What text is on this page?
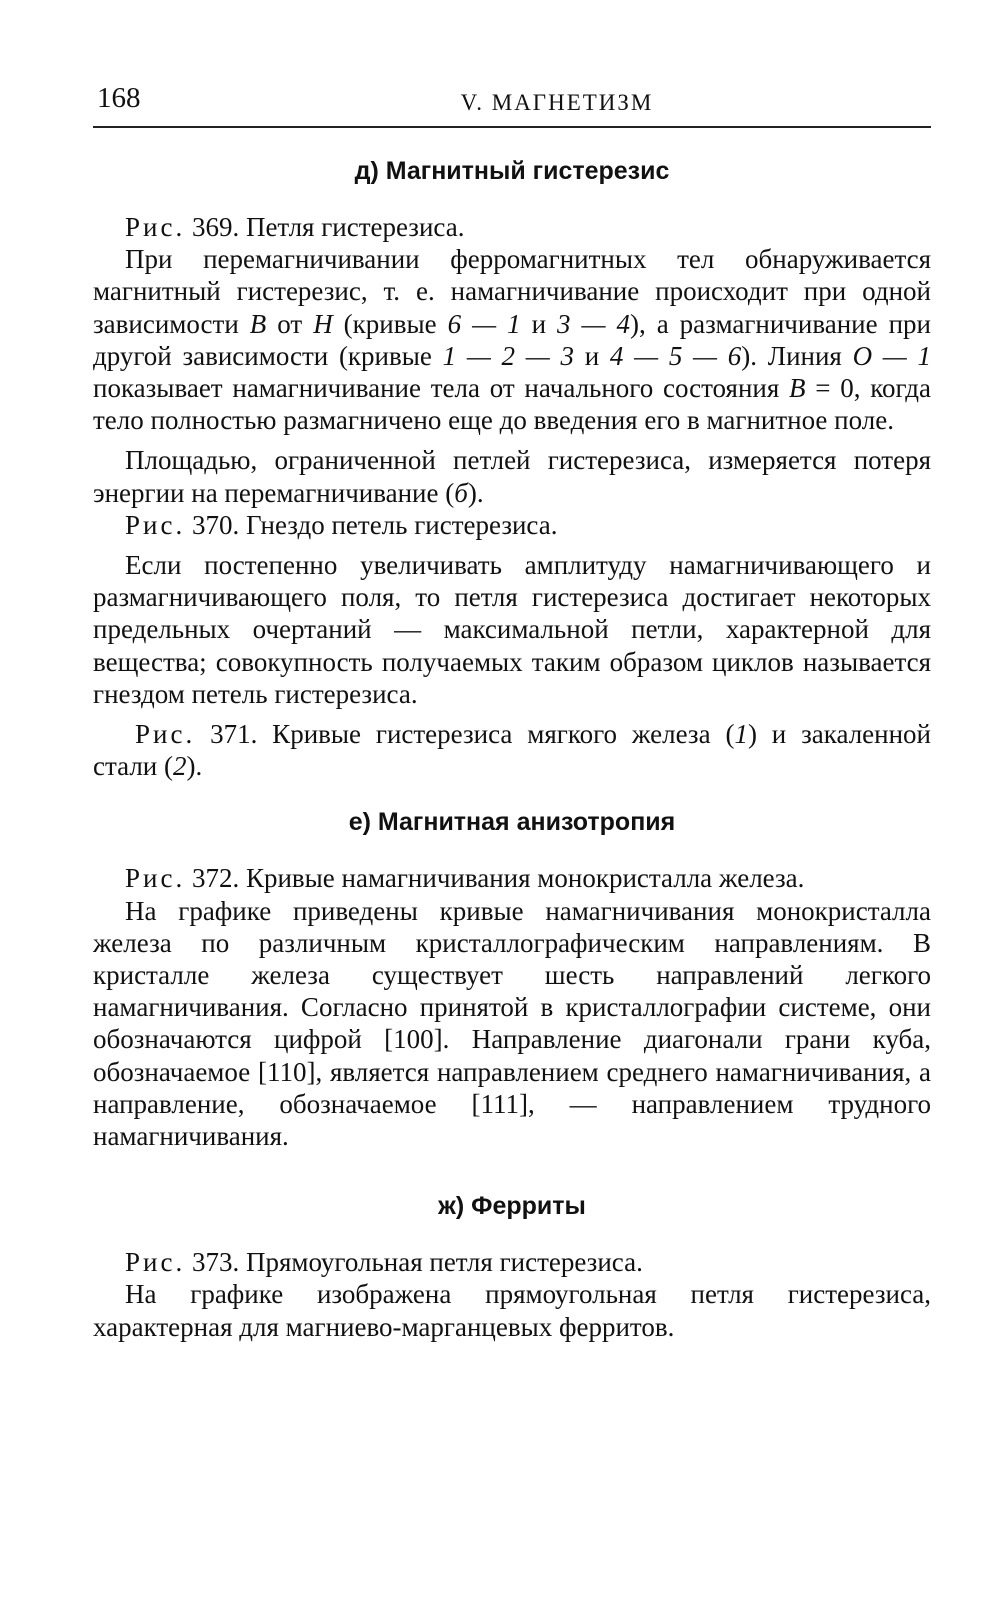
168	V. МАГНЕТИЗМ
д) Магнитный гистерезис

Рис. 369. Петля гистерезиса.

При перемагничивании ферромагнитных тел обнаруживается магнитный гистерезис, т. е. намагничивание происходит при одной зависимости B от H (кривые 6 — 1 и 3 — 4), а размагничивание при другой зависимости (кривые 1 — 2 — 3 и 4 — 5 — 6). Линия O — 1 показывает намагничивание тела от начального состояния B = 0, когда тело полностью размагничено еще до введения его в магнитное поле.

Площадью, ограниченной петлей гистерезиса, измеряется потеря энергии на перемагничивание (б).

Рис. 370. Гнездо петель гистерезиса.

Если постепенно увеличивать амплитуду намагничивающего и размагничивающего поля, то петля гистерезиса достигает некоторых предельных очертаний — максимальной петли, характерной для вещества; совокупность получаемых таким образом циклов называется гнездом петель гистерезиса.

Рис. 371. Кривые гистерезиса мягкого железа (1) и закаленной стали (2).

е) Магнитная анизотропия

Рис. 372. Кривые намагничивания монокристалла железа.

На графике приведены кривые намагничивания монокристалла железа по различным кристаллографическим направлениям. В кристалле железа существует шесть направлений легкого намагничивания. Согласно принятой в кристаллографии системе, они обозначаются цифрой [100]. Направление диагонали грани куба, обозначаемое [110], является направлением среднего намагничивания, а направление, обозначаемое [111], — направлением трудного намагничивания.

ж) Ферриты

Рис. 373. Прямоугольная петля гистерезиса.

На графике изображена прямоугольная петля гистерезиса, характерная для магниево-марганцевых ферритов.
